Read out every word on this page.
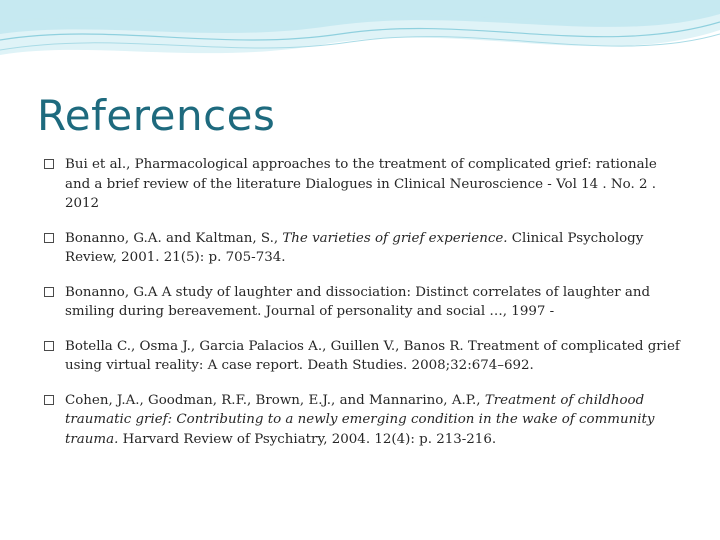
References
Bui et al., Pharmacological approaches to the treatment of complicated grief: rationale and a brief review of the literature Dialogues in Clinical Neuroscience - Vol 14 . No. 2 . 2012
Bonanno, G.A. and Kaltman, S., The varieties of grief experience. Clinical Psychology Review, 2001. 21(5): p. 705-734.
Bonanno, G.A A study of laughter and dissociation: Distinct correlates of laughter and smiling during bereavement. Journal of personality and social …, 1997 -
Botella C., Osma J., Garcia Palacios A., Guillen V., Banos R. Treatment of complicated grief using virtual reality: A case report. Death Studies. 2008;32:674–692.
Cohen, J.A., Goodman, R.F., Brown, E.J., and Mannarino, A.P., Treatment of childhood traumatic grief: Contributing to a newly emerging condition in the wake of community trauma. Harvard Review of Psychiatry, 2004. 12(4): p. 213-216.
